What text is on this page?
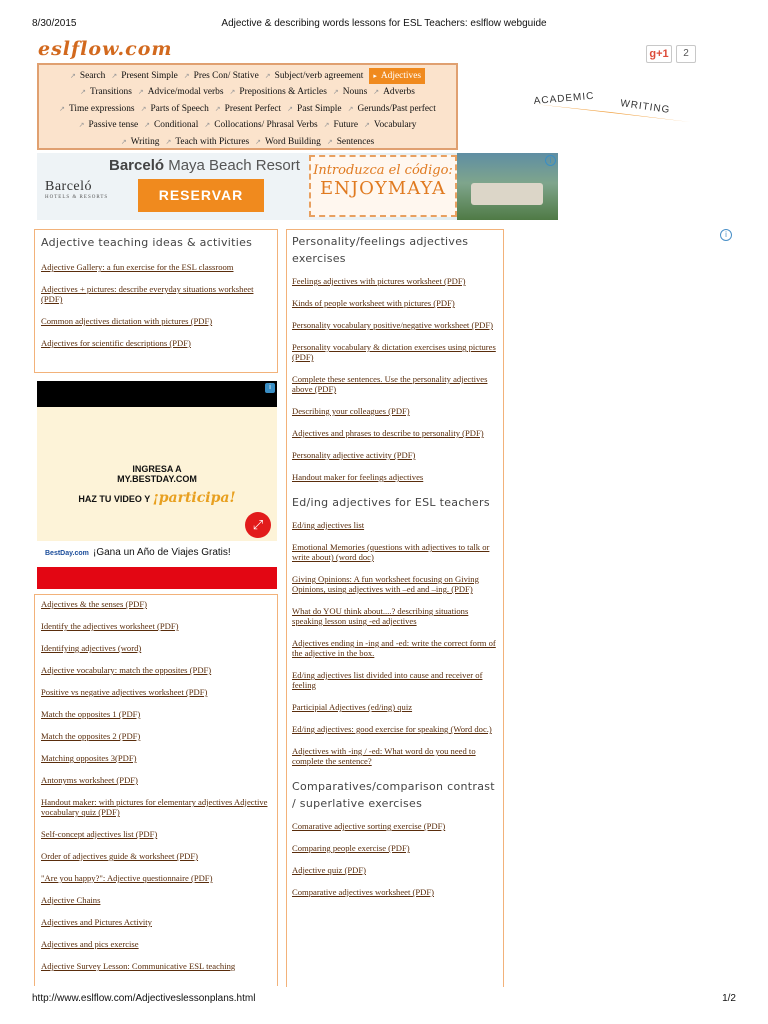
8/30/2015	Adjective & describing words lessons for ESL Teachers: eslflow webguide
eslflow.com
↗ Search ↗ Present Simple ↗ Pres Con/ Stative ↗ Subject/verb agreement ▸ Adjectives
↗ Transitions ↗ Advice/modal verbs ↗ Prepositions & Articles ↗ Nouns ↗ Adverbs
↗ Time expressions ↗ Parts of Speech ↗ Present Perfect ↗ Past Simple ↗ Gerunds/Past perfect
↗ Passive tense ↗ Conditional ↗ Collocations/ Phrasal Verbs ↗ Future ↗ Vocabulary
↗ Writing ↗ Teach with Pictures ↗ Word Building ↗ Sentences
g+1	2
ACADEMIC WRITING
Barceló
HOTELS & RESORTS
Barceló Maya Beach Resort
RESERVAR
Introduzca el código:
ENJOYMAYA
i
i
Adjective teaching ideas & activities
Adjective Gallery: a fun exercise for the ESL classroom
Adjectives + pictures: describe everyday situations worksheet (PDF)
Common adjectives dictation with pictures (PDF)
Adjectives for scientific descriptions (PDF)
INGRESA A
MY.BESTDAY.COM
HAZ TU VIDEO Y ¡participa!
⤢
BestDay.com ¡Gana un Año de Viajes Gratis!
i
Adjectives & the senses (PDF)
Identify the adjectives worksheet (PDF)
Identifying adjectives (word)
Adjective vocabulary: match the opposites (PDF)
Positive vs negative adjectives worksheet (PDF)
Match the opposites 1 (PDF)
Match the opposites 2 (PDF)
Matching opposites 3(PDF)
Antonyms worksheet (PDF)
Handout maker: with pictures for elementary adjectives Adjective vocabulary quiz (PDF)
Self-concept adjectives list (PDF)
Order of adjectives guide & worksheet (PDF)
"Are you happy?": Adjective questionnaire (PDF)
Adjective Chains
Adjectives and Pictures Activity
Adjectives and pics exercise
Adjective Survey Lesson: Communicative ESL teaching
Personality/feelings adjectives exercises
Feelings adjectives with pictures worksheet (PDF)
Kinds of people worksheet with pictures (PDF)
Personality vocabulary positive/negative worksheet (PDF)
Personality vocabulary & dictation exercises using pictures (PDF)
Complete these sentences. Use the personality adjectives above (PDF)
Describing your colleagues (PDF)
Adjectives and phrases to describe to personality (PDF)
Personality adjective activity (PDF)
Handout maker for feelings adjectives
Ed/ing adjectives for ESL teachers
Ed/ing adjectives list
Emotional Memories (questions with adjectives to talk or write about) (word doc)
Giving Opinions: A fun worksheet focusing on Giving Opinions, using adjectives with –ed and –ing. (PDF)
What do YOU think about....? describing situations speaking lesson using -ed adjectives
Adjectives ending in -ing and -ed: write the correct form of the adjective in the box.
Ed/ing adjectives list divided into cause and receiver of feeling
Participial Adjectives (ed/ing) quiz
Ed/ing adjectives: good exercise for speaking (Word doc.)
Adjectives with -ing / -ed: What word do you need to complete the sentence?
Comparatives/comparison contrast / superlative exercises
Comarative adjective sorting exercise (PDF)
Comparing people exercise (PDF)
Adjective quiz (PDF)
Comparative adjectives worksheet (PDF)
http://www.eslflow.com/Adjectiveslessonplans.html	1/2
